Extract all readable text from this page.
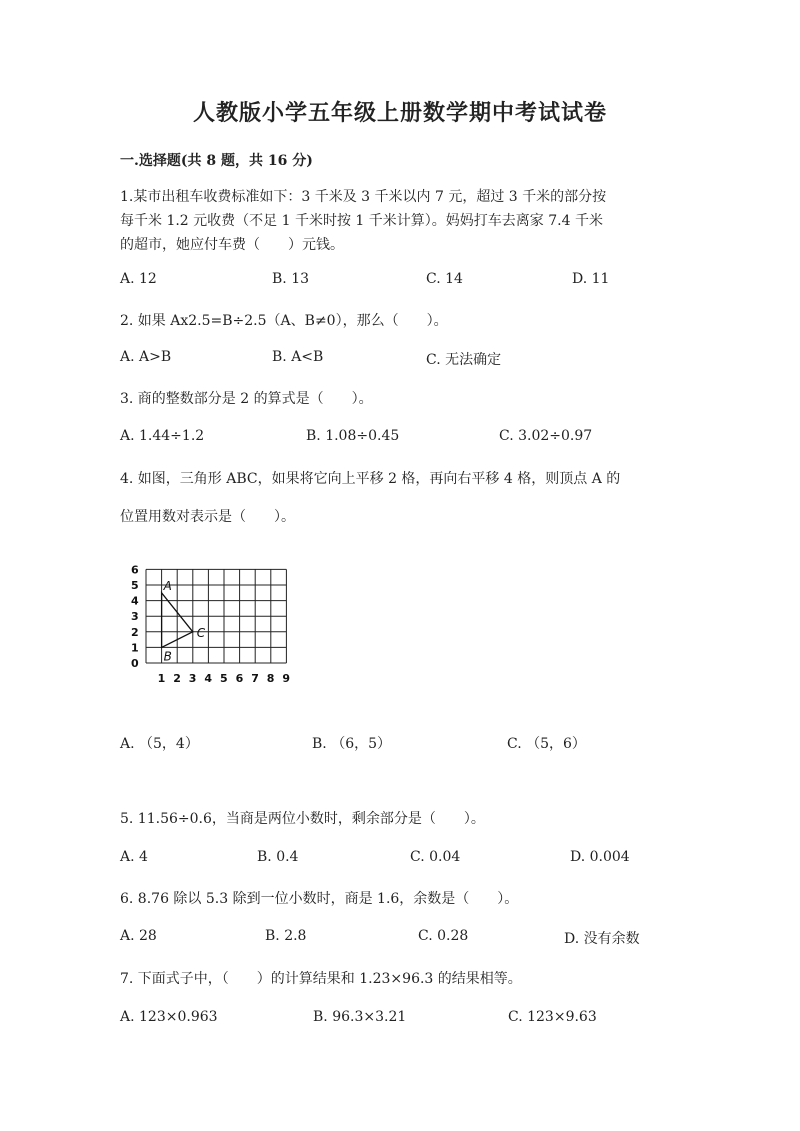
人教版小学五年级上册数学期中考试试卷
一.选择题(共 8 题，共 16 分)
1.某市出租车收费标准如下：3 千米及 3 千米以内 7 元，超过 3 千米的部分按
每千米 1.2 元收费（不足 1 千米时按 1 千米计算）。妈妈打车去离家 7.4 千米
的超市，她应付车费（　　）元钱。
A. 12	B. 13	C. 14	D. 11
2. 如果 Ax2.5=B÷2.5（A、B≠0），那么（　　）。
A. A>B	B. A<B	C. 无法确定
3. 商的整数部分是 2 的算式是（　　）。
A. 1.44÷1.2	B. 1.08÷0.45	C. 3.02÷0.97
4. 如图，三角形 ABC，如果将它向上平移 2 格，再向右平移 4 格，则顶点 A 的
位置用数对表示是（　　）。
A
B
C
0
1
2
3
4
5
6
1 2 3 4 5 6 7 8 9
A. （5，4）	B. （6，5）	C. （5，6）
5. 11.56÷0.6，当商是两位小数时，剩余部分是（　　）。
A. 4	B. 0.4	C. 0.04	D. 0.004
6. 8.76 除以 5.3 除到一位小数时，商是 1.6，余数是（　　）。
A. 28	B. 2.8	C. 0.28	D. 没有余数
7. 下面式子中，（　　）的计算结果和 1.23×96.3 的结果相等。
A. 123×0.963	B. 96.3×3.21	C. 123×9.63
